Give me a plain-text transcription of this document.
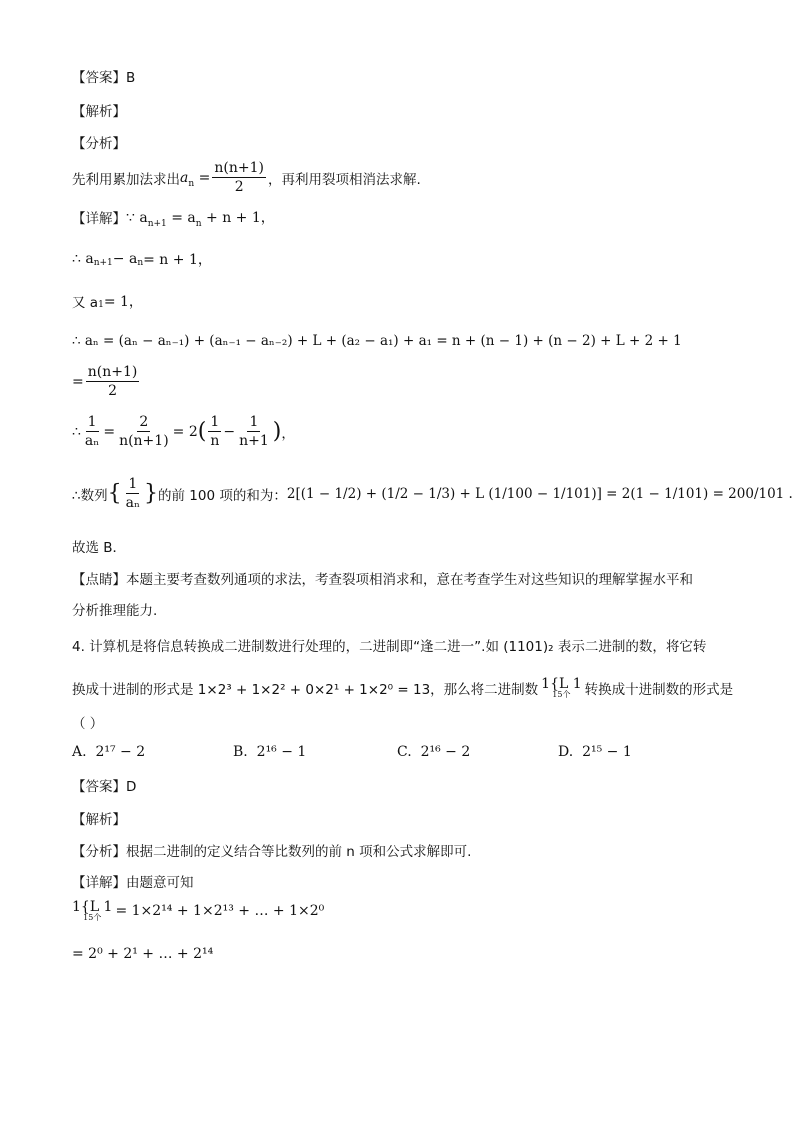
【答案】B
【解析】
【分析】
先利用累加法求出 $a_n = \frac{n(n+1)}{2}$ ，再利用裂项相消法求解.
【详解】 ∵ $a_{n+1} = a_n + n + 1$，
∴ a n+1 − a n = n + 1，
又 a 1 = 1，
∴ aₙ = (aₙ − aₙ₋₁) + (aₙ₋₁ − aₙ₋₂) + L + (a₂ − a₁) + a₁ = n + (n − 1) + (n − 2) + L + 2 + 1
= $\frac{n(n+1)}{2}$
∴ $\frac{1}{\text{aₙ}} = \frac{2}{n(n+1)} = 2$ ( $\frac{1}{n} - \frac{1}{n+1}$ ) ，
∴数列 { $\frac{1}{\text{aₙ}}$ } 的前 100 项的和为： 2[(1 − 1/2) + (1/2 − 1/3) + L (1/100 − 1/101)] = 2(1 − 1/101) = 200/101 .
故选 B．
【点睛】本题主要考查数列通项的求法，考查裂项相消求和，意在考查学生对这些知识的理解掌握水平和
分析推理能力.
4. 计算机是将信息转换成二进制数进行处理的，二进制即“逢二进一”.如 (1101)₂ 表示二进制的数，将它转
换成十进制的形式是 1×2³ + 1×2² + 0×2¹ + 1×2⁰ = 13，那么将二进制数 1{L 1
15个 转换成十进制数的形式是
（ ）
A. 2¹⁷ − 2	B. 2¹⁶ − 1	C. 2¹⁶ − 2	D. 2¹⁵ − 1
【答案】D
【解析】
【分析】根据二进制的定义结合等比数列的前 n 项和公式求解即可.
【详解】由题意可知
1{L 1
15个 = 1×2¹⁴ + 1×2¹³ + … + 1×2⁰
= 2⁰ + 2¹ + … + 2¹⁴
